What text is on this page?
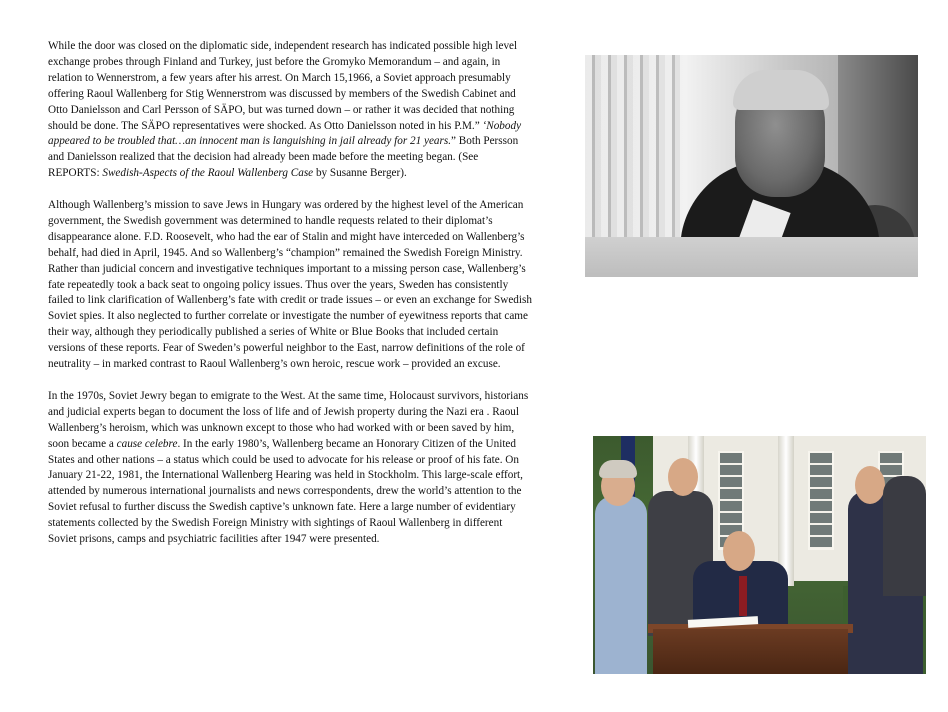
While the door was closed on the diplomatic side, independent research has indicated possible high level exchange probes through Finland and Turkey, just before the Gromyko Memorandum – and again, in relation to Wennerstrom, a few years after his arrest. On March 15,1966, a Soviet approach presumably offering Raoul Wallenberg for Stig Wennerstrom was discussed by members of the Swedish Cabinet and Otto Danielsson and Carl Persson of SÄPO, but was turned down – or rather it was decided that nothing should be done. The SÄPO representatives were shocked. As Otto Danielsson noted in his P.M.” ‘Nobody appeared to be troubled that…an innocent man is languishing in jail already for 21 years.” Both Persson and Danielsson realized that the decision had already been made before the meeting began. (See REPORTS: Swedish-Aspects of the Raoul Wallenberg Case by Susanne Berger).

Although Wallenberg’s mission to save Jews in Hungary was ordered by the highest level of the American government, the Swedish government was determined to handle requests related to their diplomat’s disappearance alone. F.D. Roosevelt, who had the ear of Stalin and might have interceded on Wallenberg’s behalf, had died in April, 1945. And so Wallenberg’s “champion” remained the Swedish Foreign Ministry. Rather than judicial concern and investigative techniques important to a missing person case, Wallenberg’s fate repeatedly took a back seat to ongoing policy issues. Thus over the years, Sweden has consistently failed to link clarification of Wallenberg’s fate with credit or trade issues – or even an exchange for Swedish Soviet spies. It also neglected to further correlate or investigate the number of eyewitness reports that came their way, although they periodically published a series of White or Blue Books that included certain versions of these reports. Fear of Sweden’s powerful neighbor to the East, narrow definitions of the role of neutrality – in marked contrast to Raoul Wallenberg’s own heroic, rescue work – provided an excuse.

In the 1970s, Soviet Jewry began to emigrate to the West. At the same time, Holocaust survivors, historians and judicial experts began to document the loss of life and of Jewish property during the Nazi era . Raoul Wallenberg’s heroism, which was unknown except to those who had worked with or been saved by him, soon became a cause celebre. In the early 1980’s, Wallenberg became an Honorary Citizen of the United States and other nations – a status which could be used to advocate for his release or proof of his fate. On January 21-22, 1981, the International Wallenberg Hearing was held in Stockholm. This large-scale effort, attended by numerous international journalists and news correspondents, drew the world’s attention to the Soviet refusal to further discuss the Swedish captive’s unknown fate. Here a large number of evidentiary statements collected by the Swedish Foreign Ministry with sightings of Raoul Wallenberg in different Soviet prisons, camps and psychiatric facilities after 1947 were presented.
